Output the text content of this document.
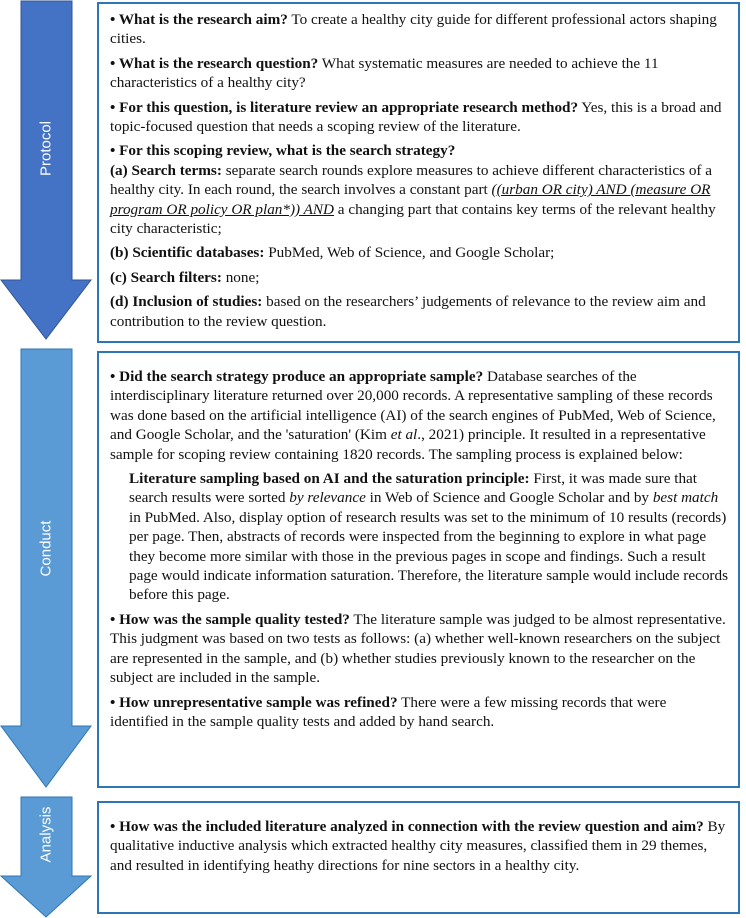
Protocol
Conduct
Analysis

• What is the research aim? To create a healthy city guide for different professional actors shaping cities.

• What is the research question? What systematic measures are needed to achieve the 11 characteristics of a healthy city?

• For this question, is literature review an appropriate research method? Yes, this is a broad and topic-focused question that needs a scoping review of the literature.

• For this scoping review, what is the search strategy?

(a) Search terms: separate search rounds explore measures to achieve different characteristics of a healthy city. In each round, the search involves a constant part ((urban OR city) AND (measure OR program OR policy OR plan*)) AND a changing part that contains key terms of the relevant healthy city characteristic;

(b) Scientific databases: PubMed, Web of Science, and Google Scholar;

(c) Search filters: none;

(d) Inclusion of studies: based on the researchers’ judgements of relevance to the review aim and contribution to the review question.

• Did the search strategy produce an appropriate sample? Database searches of the interdisciplinary literature returned over 20,000 records. A representative sampling of these records was done based on the artificial intelligence (AI) of the search engines of PubMed, Web of Science, and Google Scholar, and the 'saturation' (Kim et al., 2021) principle. It resulted in a representative sample for scoping review containing 1820 records. The sampling process is explained below:

Literature sampling based on AI and the saturation principle: First, it was made sure that search results were sorted by relevance in Web of Science and Google Scholar and by best match in PubMed. Also, display option of research results was set to the minimum of 10 results (records) per page. Then, abstracts of records were inspected from the beginning to explore in what page they become more similar with those in the previous pages in scope and findings. Such a result page would indicate information saturation. Therefore, the literature sample would include records before this page.

• How was the sample quality tested? The literature sample was judged to be almost representative. This judgment was based on two tests as follows: (a) whether well-known researchers on the subject are represented in the sample, and (b) whether studies previously known to the researcher on the subject are included in the sample.

• How unrepresentative sample was refined? There were a few missing records that were identified in the sample quality tests and added by hand search.

• How was the included literature analyzed in connection with the review question and aim? By qualitative inductive analysis which extracted healthy city measures, classified them in 29 themes, and resulted in identifying heathy directions for nine sectors in a healthy city.
